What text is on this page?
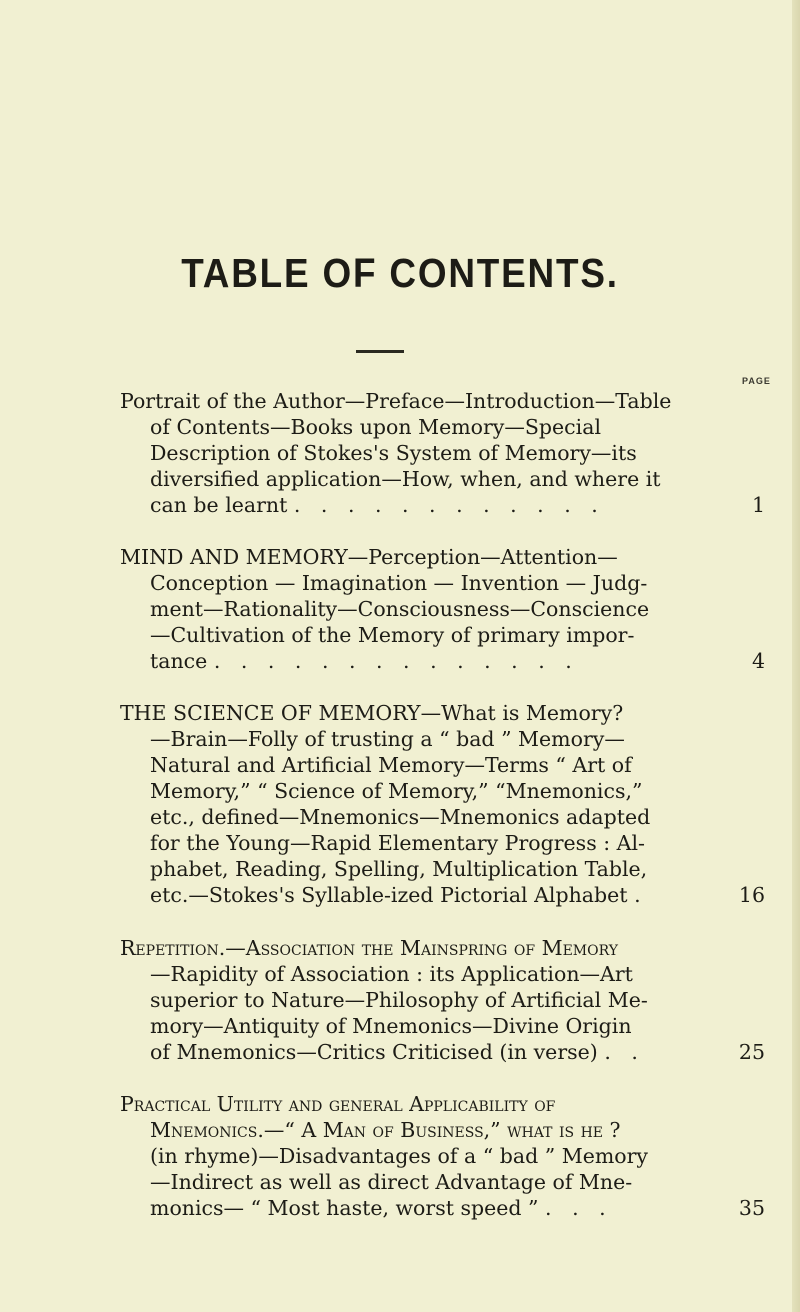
TABLE OF CONTENTS.
PAGE
Portrait of the Author—Preface—Introduction—Table
of Contents—Books upon Memory—Special
Description of Stokes's System of Memory—its
diversified application—How, when, and where it
can be learnt . . . . . . . . . . . .	1
MIND AND MEMORY—Perception—Attention—
Conception — Imagination — Invention — Judg-
ment—Rationality—Consciousness—Conscience
—Cultivation of the Memory of primary impor-
tance . . . . . . . . . . . . . .	4
THE SCIENCE OF MEMORY—What is Memory?
—Brain—Folly of trusting a “ bad ” Memory—
Natural and Artificial Memory—Terms “ Art of
Memory,” “ Science of Memory,” “Mnemonics,”
etc., defined—Mnemonics—Mnemonics adapted
for the Young—Rapid Elementary Progress : Al-
phabet, Reading, Spelling, Multiplication Table,
etc.—Stokes's Syllable-ized Pictorial Alphabet .	16
Repetition.—Association the Mainspring of Memory
—Rapidity of Association : its Application—Art
superior to Nature—Philosophy of Artificial Me-
mory—Antiquity of Mnemonics—Divine Origin
of Mnemonics—Critics Criticised (in verse) . .	25
Practical Utility and general Applicability of
Mnemonics.—“ A Man of Business,” what is he ?
(in rhyme)—Disadvantages of a “ bad ” Memory
—Indirect as well as direct Advantage of Mne-
monics— “ Most haste, worst speed ” . . .	35
